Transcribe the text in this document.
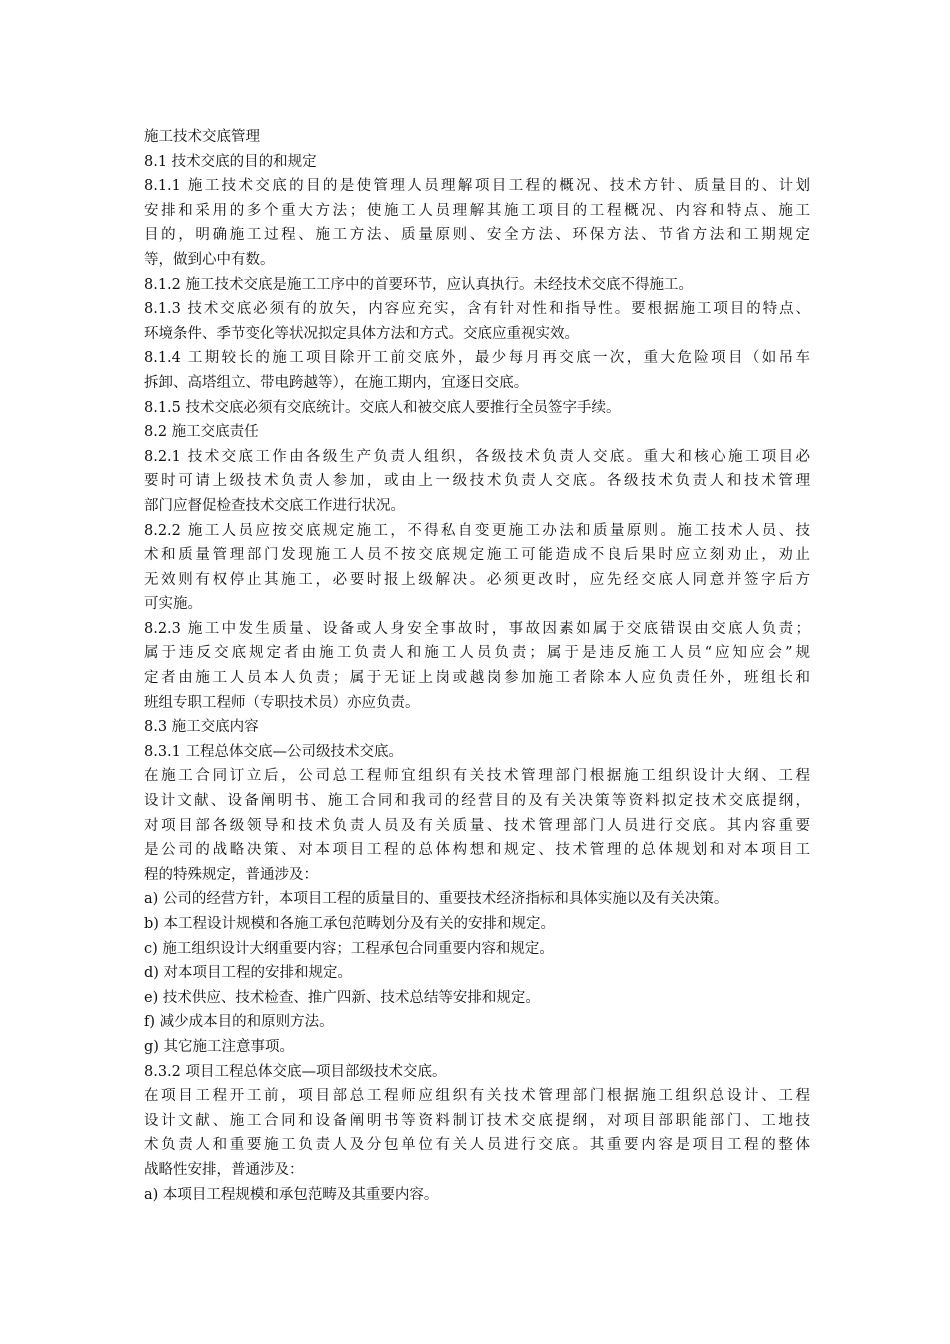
施工技术交底管理
8.1 技术交底的目的和规定
8.1.1 施工技术交底的目的是使管理人员理解项目工程的概况、技术方针、质量目的、计划
安排和采用的多个重大方法；使施工人员理解其施工项目的工程概况、内容和特点、施工
目的，明确施工过程、施工方法、质量原则、安全方法、环保方法、节省方法和工期规定
等，做到心中有数。
8.1.2 施工技术交底是施工工序中的首要环节，应认真执行。未经技术交底不得施工。
8.1.3 技术交底必须有的放矢，内容应充实，含有针对性和指导性。要根据施工项目的特点、
环境条件、季节变化等状况拟定具体方法和方式。交底应重视实效。
8.1.4 工期较长的施工项目除开工前交底外，最少每月再交底一次，重大危险项目（如吊车
拆卸、高塔组立、带电跨越等），在施工期内，宜逐日交底。
8.1.5 技术交底必须有交底统计。交底人和被交底人要推行全员签字手续。
8.2 施工交底责任
8.2.1 技术交底工作由各级生产负责人组织，各级技术负责人交底。重大和核心施工项目必
要时可请上级技术负责人参加，或由上一级技术负责人交底。各级技术负责人和技术管理
部门应督促检查技术交底工作进行状况。
8.2.2 施工人员应按交底规定施工，不得私自变更施工办法和质量原则。施工技术人员、技
术和质量管理部门发现施工人员不按交底规定施工可能造成不良后果时应立刻劝止，劝止
无效则有权停止其施工，必要时报上级解决。必须更改时，应先经交底人同意并签字后方
可实施。
8.2.3 施工中发生质量、设备或人身安全事故时，事故因素如属于交底错误由交底人负责；
属于违反交底规定者由施工负责人和施工人员负责；属于是违反施工人员“应知应会”规
定者由施工人员本人负责；属于无证上岗或越岗参加施工者除本人应负责任外，班组长和
班组专职工程师（专职技术员）亦应负责。
8.3 施工交底内容
8.3.1 工程总体交底—公司级技术交底。
在施工合同订立后，公司总工程师宜组织有关技术管理部门根据施工组织设计大纲、工程
设计文献、设备阐明书、施工合同和我司的经营目的及有关决策等资料拟定技术交底提纲，
对项目部各级领导和技术负责人员及有关质量、技术管理部门人员进行交底。其内容重要
是公司的战略决策、对本项目工程的总体构想和规定、技术管理的总体规划和对本项目工
程的特殊规定，普通涉及：
a) 公司的经营方针，本项目工程的质量目的、重要技术经济指标和具体实施以及有关决策。
b) 本工程设计规模和各施工承包范畴划分及有关的安排和规定。
c) 施工组织设计大纲重要内容；工程承包合同重要内容和规定。
d) 对本项目工程的安排和规定。
e) 技术供应、技术检查、推广四新、技术总结等安排和规定。
f) 减少成本目的和原则方法。
g) 其它施工注意事项。
8.3.2 项目工程总体交底—项目部级技术交底。
在项目工程开工前，项目部总工程师应组织有关技术管理部门根据施工组织总设计、工程
设计文献、施工合同和设备阐明书等资料制订技术交底提纲，对项目部职能部门、工地技
术负责人和重要施工负责人及分包单位有关人员进行交底。其重要内容是项目工程的整体
战略性安排，普通涉及：
a) 本项目工程规模和承包范畴及其重要内容。
